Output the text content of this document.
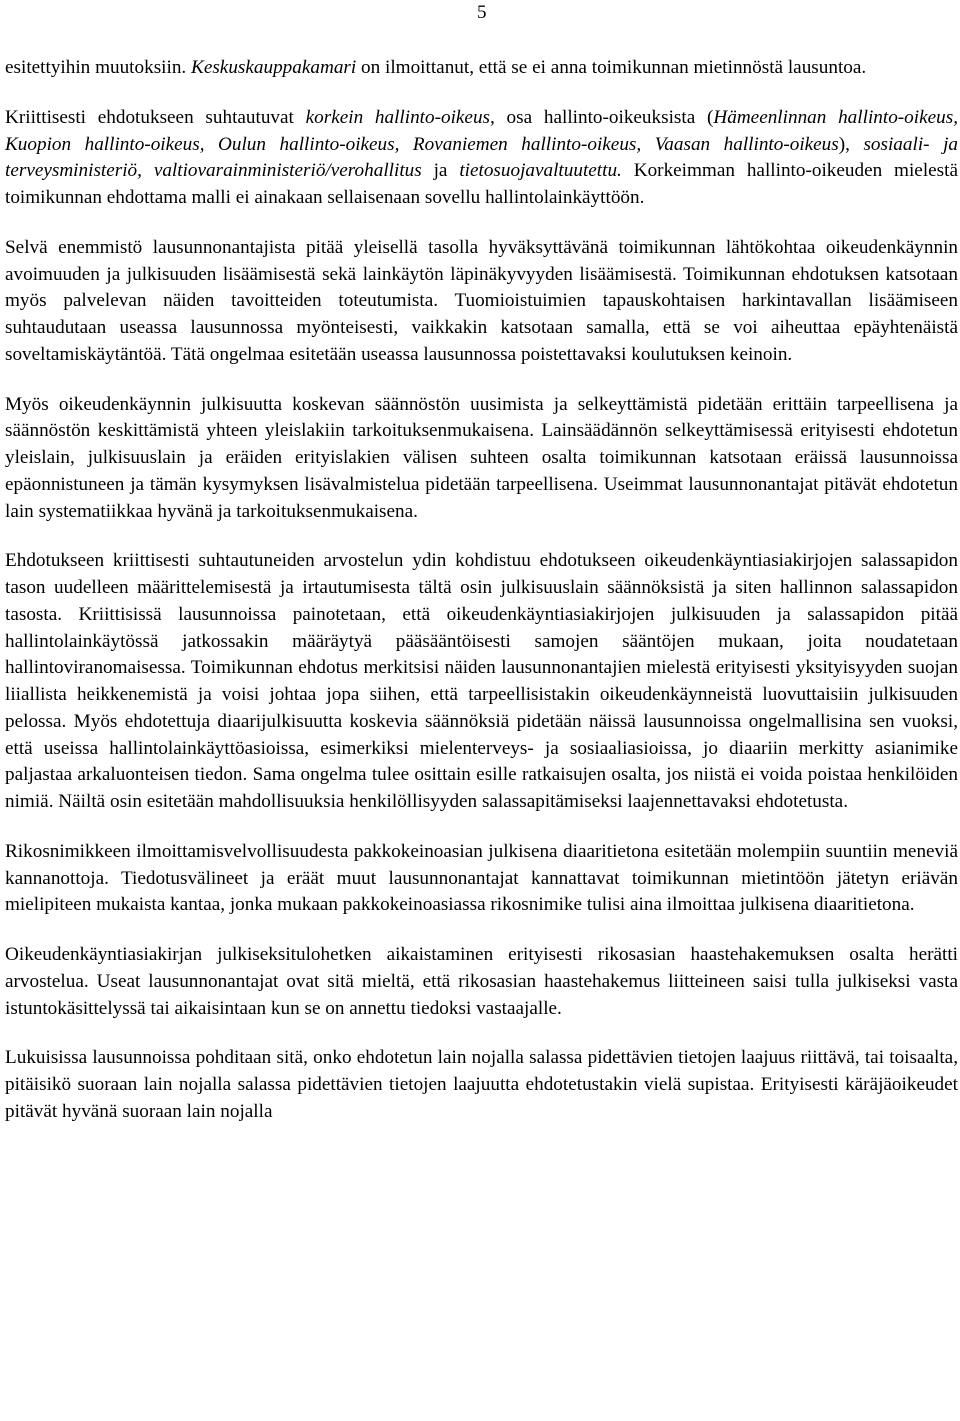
5

esitettyihin muutoksiin. Keskuskauppakamari on ilmoittanut, että se ei anna toimikunnan mietinnöstä lausuntoa.

Kriittisesti ehdotukseen suhtautuvat korkein hallinto-oikeus, osa hallinto-oikeuksista (Hämeenlinnan hallinto-oikeus, Kuopion hallinto-oikeus, Oulun hallinto-oikeus, Rovaniemen hallinto-oikeus, Vaasan hallinto-oikeus), sosiaali- ja terveysministeriö, valtiovarainministeriö/verohallitus ja tietosuojavaltuutettu. Korkeimman hallinto-oikeuden mielestä toimikunnan ehdottama malli ei ainakaan sellaisenaan sovellu hallintolainkäyttöön.

Selvä enemmistö lausunnonantajista pitää yleisellä tasolla hyväksyttävänä toimikunnan lähtökohtaa oikeudenkäynnin avoimuuden ja julkisuuden lisäämisestä sekä lainkäytön läpinäkyvyyden lisäämisestä. Toimikunnan ehdotuksen katsotaan myös palvelevan näiden tavoitteiden toteutumista. Tuomioistuimien tapauskohtaisen harkintavallan lisäämiseen suhtaudutaan useassa lausunnossa myönteisesti, vaikkakin katsotaan samalla, että se voi aiheuttaa epäyhtenäistä soveltamiskäytäntöä. Tätä ongelmaa esitetään useassa lausunnossa poistettavaksi koulutuksen keinoin.

Myös oikeudenkäynnin julkisuutta koskevan säännöstön uusimista ja selkeyttämistä pidetään erittäin tarpeellisena ja säännöstön keskittämistä yhteen yleislakiin tarkoituksenmukaisena. Lainsäädännön selkeyttämisessä erityisesti ehdotetun yleislain, julkisuuslain ja eräiden erityislakien välisen suhteen osalta toimikunnan katsotaan eräissä lausunnoissa epäonnistuneen ja tämän kysymyksen lisävalmistelua pidetään tarpeellisena. Useimmat lausunnonantajat pitävät ehdotetun lain systematiikkaa hyvänä ja tarkoituksenmukaisena.

Ehdotukseen kriittisesti suhtautuneiden arvostelun ydin kohdistuu ehdotukseen oikeudenkäyntiasiakirjojen salassapidon tason uudelleen määrittelemisestä ja irtautumisesta tältä osin julkisuuslain säännöksistä ja siten hallinnon salassapidon tasosta. Kriittisissä lausunnoissa painotetaan, että oikeudenkäyntiasiakirjojen julkisuuden ja salassapidon pitää hallintolainkäytössä jatkossakin määräytyä pääsääntöisesti samojen sääntöjen mukaan, joita noudatetaan hallintoviranomaisessa. Toimikunnan ehdotus merkitsisi näiden lausunnonantajien mielestä erityisesti yksityisyyden suojan liiallista heikkenemistä ja voisi johtaa jopa siihen, että tarpeellisistakin oikeudenkäynneistä luovuttaisiin julkisuuden pelossa. Myös ehdotettuja diaarijulkisuutta koskevia säännöksiä pidetään näissä lausunnoissa ongelmallisina sen vuoksi, että useissa hallintolainkäyttöasioissa, esimerkiksi mielenterveys- ja sosiaaliasioissa, jo diaariin merkitty asianimike paljastaa arkaluonteisen tiedon. Sama ongelma tulee osittain esille ratkaisujen osalta, jos niistä ei voida poistaa henkilöiden nimiä. Näiltä osin esitetään mahdollisuuksia henkilöllisyyden salassapitämiseksi laajennettavaksi ehdotetusta.

Rikosnimikkeen ilmoittamisvelvollisuudesta pakkokeinoasian julkisena diaaritietona esitetään molempiin suuntiin meneviä kannanottoja. Tiedotusvälineet ja eräät muut lausunnonantajat kannattavat toimikunnan mietintöön jätetyn eriävän mielipiteen mukaista kantaa, jonka mukaan pakkokeinoasiassa rikosnimike tulisi aina ilmoittaa julkisena diaaritietona.

Oikeudenkäyntiasiakirjan julkiseksitulohetken aikaistaminen erityisesti rikosasian haastehakemuksen osalta herätti arvostelua. Useat lausunnonantajat ovat sitä mieltä, että rikosasian haastehakemus liitteineen saisi tulla julkiseksi vasta istuntokäsittelyssä tai aikaisintaan kun se on annettu tiedoksi vastaajalle.

Lukuisissa lausunnoissa pohditaan sitä, onko ehdotetun lain nojalla salassa pidettävien tietojen laajuus riittävä, tai toisaalta, pitäisikö suoraan lain nojalla salassa pidettävien tietojen laajuutta ehdotetustakin vielä supistaa. Erityisesti käräjäoikeudet pitävät hyvänä suoraan lain nojalla
